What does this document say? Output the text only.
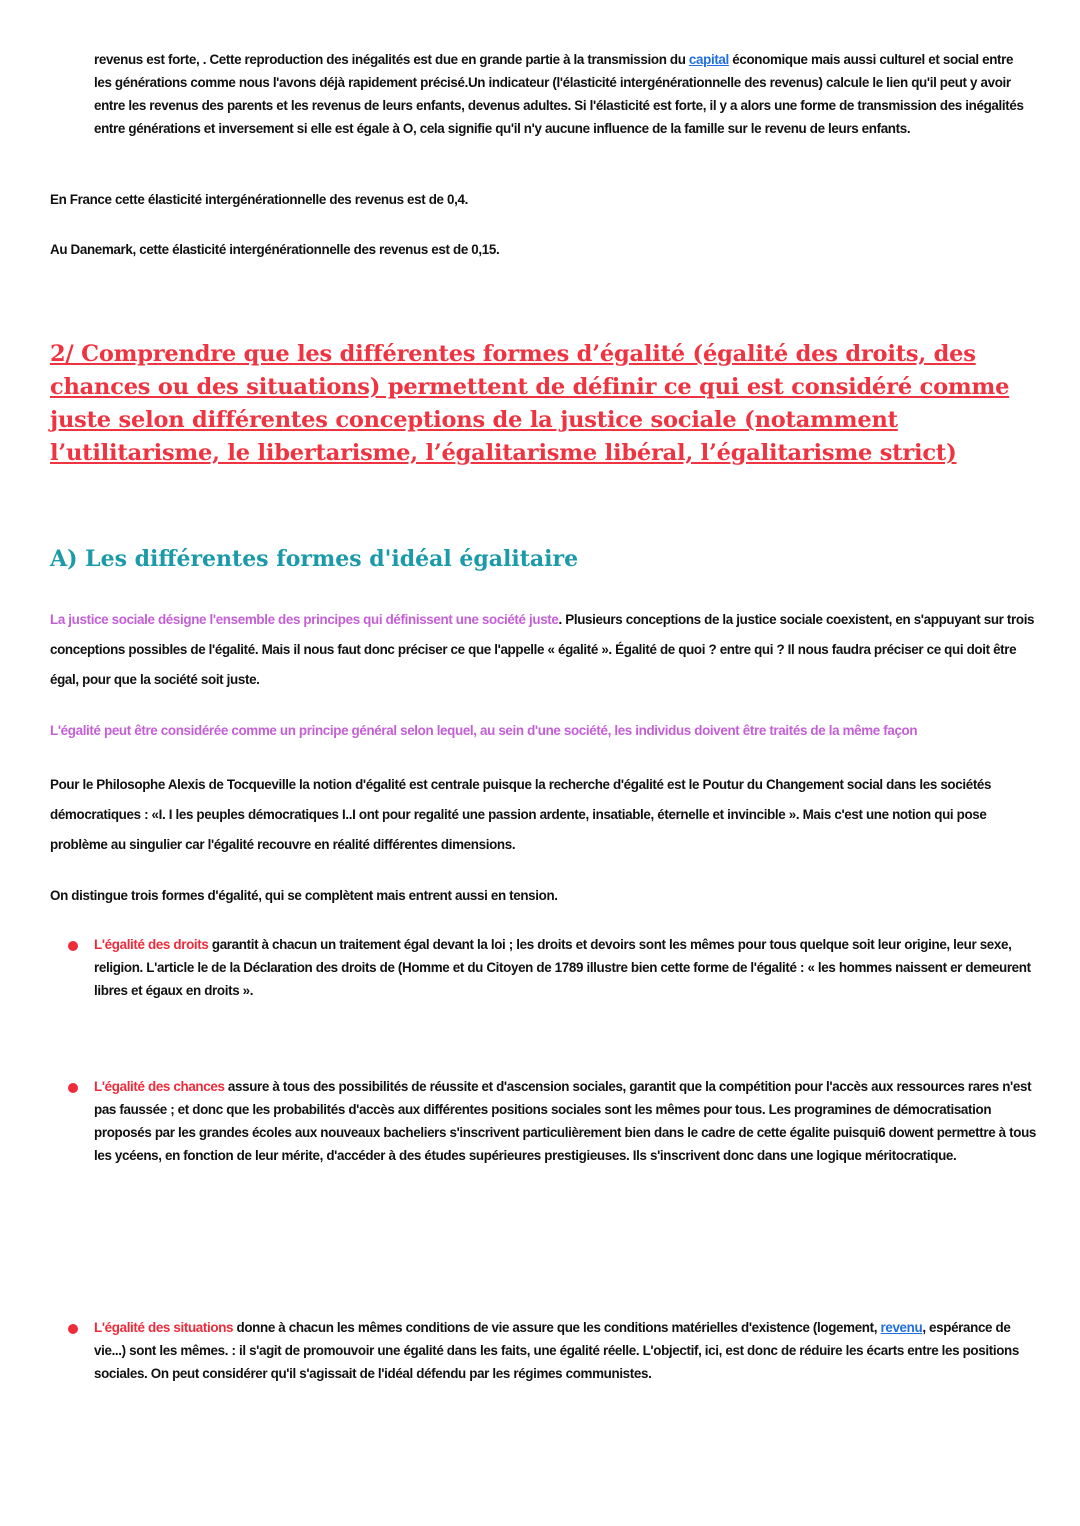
revenus est forte, . Cette reproduction des inégalités est due en grande partie à la transmission du capital économique mais aussi culturel et social entre les générations comme nous l'avons déjà rapidement précisé.Un indicateur (l'élasticité intergénérationnelle des revenus) calcule le lien qu'il peut y avoir entre les revenus des parents et les revenus de leurs enfants, devenus adultes. Si l'élasticité est forte, il y a alors une forme de transmission des inégalités entre générations et inversement si elle est égale à O, cela signifie qu'il n'y aucune influence de la famille sur le revenu de leurs enfants.
En France cette élasticité intergénérationnelle des revenus est de 0,4.
Au Danemark, cette élasticité intergénérationnelle des revenus est de 0,15.
2/ Comprendre que les différentes formes d’égalité (égalité des droits, des chances ou des situations) permettent de définir ce qui est considéré comme juste selon différentes conceptions de la justice sociale (notamment l’utilitarisme, le libertarisme, l’égalitarisme libéral, l’égalitarisme strict)
A) Les différentes formes d'idéal égalitaire
La justice sociale désigne l'ensemble des principes qui définissent une société juste. Plusieurs conceptions de la justice sociale coexistent, en s'appuyant sur trois conceptions possibles de l'égalité. Mais il nous faut donc préciser ce que l'appelle « égalité ». Égalité de quoi ? entre qui ? Il nous faudra préciser ce qui doit être égal, pour que la société soit juste.
L'égalité peut être considérée comme un principe général selon lequel, au sein d'une société, les individus doivent être traités de la même façon
Pour le Philosophe Alexis de Tocqueville la notion d'égalité est centrale puisque la recherche d'égalité est le Poutur du Changement social dans les sociétés démocratiques : «I. I les peuples démocratiques I..I ont pour regalité une passion ardente, insatiable, éternelle et invincible ». Mais c'est une notion qui pose problème au singulier car l'égalité recouvre en réalité différentes dimensions.
On distingue trois formes d'égalité, qui se complètent mais entrent aussi en tension.
L'égalité des droits garantit à chacun un traitement égal devant la loi ; les droits et devoirs sont les mêmes pour tous quelque soit leur origine, leur sexe, religion. L'article le de la Déclaration des droits de (Homme et du Citoyen de 1789 illustre bien cette forme de l'égalité : « les hommes naissent er demeurent libres et égaux en droits ».
L'égalité des chances assure à tous des possibilités de réussite et d'ascension sociales, garantit que la compétition pour l'accès aux ressources rares n'est pas faussée ; et donc que les probabilités d'accès aux différentes positions sociales sont les mêmes pour tous. Les programines de démocratisation proposés par les grandes écoles aux nouveaux bacheliers s'inscrivent particulièrement bien dans le cadre de cette égalite puisqui6 dowent permettre à tous les ycéens, en fonction de leur mérite, d'accéder à des études supérieures prestigieuses. Ils s'inscrivent donc dans une logique méritocratique.
L'égalité des situations donne à chacun les mêmes conditions de vie assure que les conditions matérielles d'existence (logement, revenu, espérance de vie...) sont les mêmes. : il s'agit de promouvoir une égalité dans les faits, une égalité réelle. L'objectif, ici, est donc de réduire les écarts entre les positions sociales. On peut considérer qu'il s'agissait de l'idéal défendu par les régimes communistes.
